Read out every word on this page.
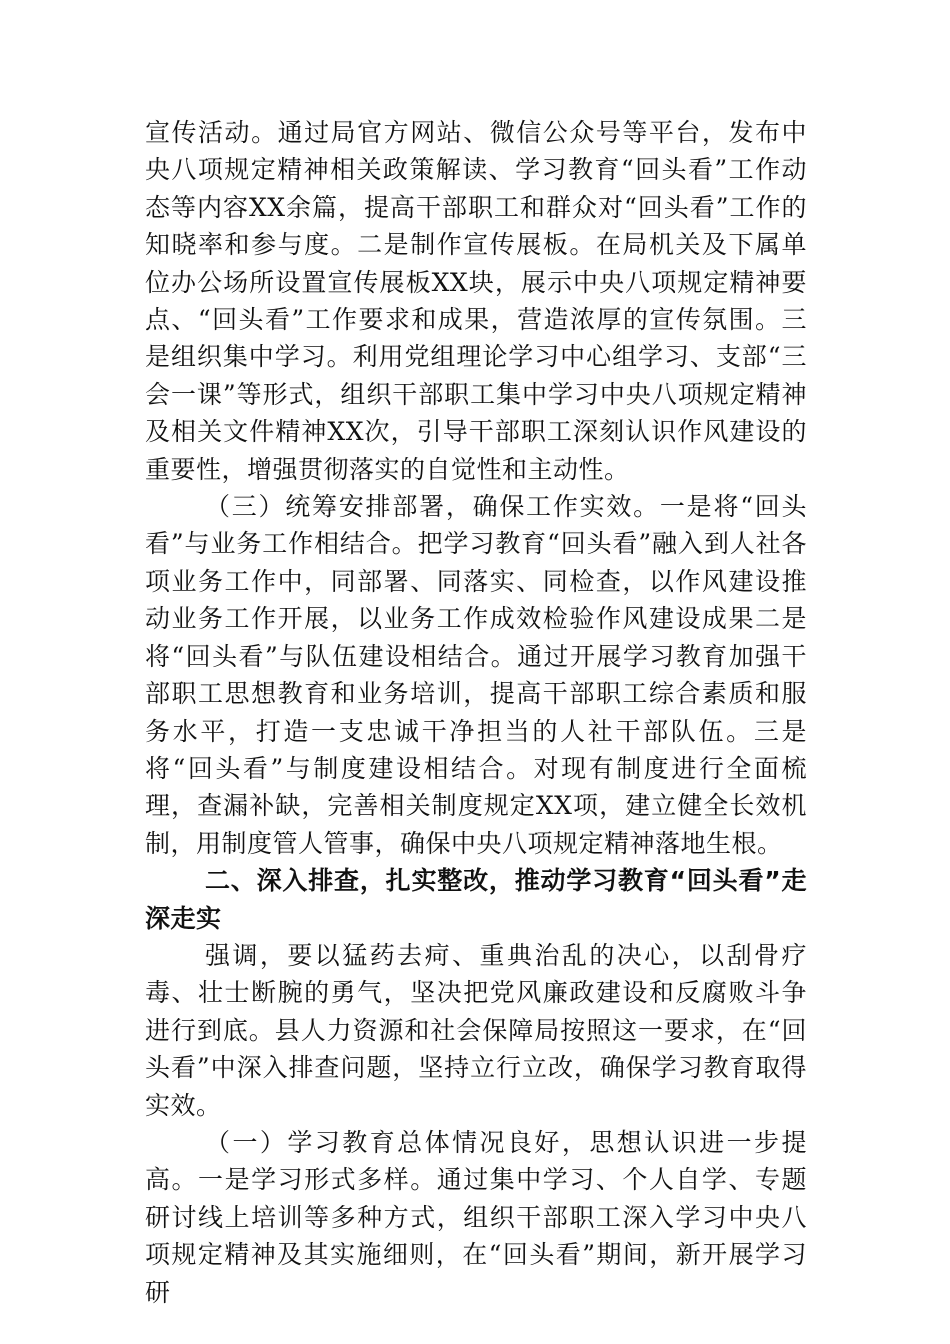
宣传活动。通过局官方网站、微信公众号等平台，发布中央八项规定精神相关政策解读、学习教育“回头看”工作动态等内容XX余篇，提高干部职工和群众对“回头看”工作的知晓率和参与度。二是制作宣传展板。在局机关及下属单位办公场所设置宣传展板XX块，展示中央八项规定精神要点、“回头看”工作要求和成果，营造浓厚的宣传氛围。三是组织集中学习。利用党组理论学习中心组学习、支部“三会一课”等形式，组织干部职工集中学习中央八项规定精神及相关文件精神XX次，引导干部职工深刻认识作风建设的重要性，增强贯彻落实的自觉性和主动性。

（三）统筹安排部署，确保工作实效。一是将“回头看”与业务工作相结合。把学习教育“回头看”融入到人社各项业务工作中，同部署、同落实、同检查，以作风建设推动业务工作开展，以业务工作成效检验作风建设成果二是将“回头看”与队伍建设相结合。通过开展学习教育加强干部职工思想教育和业务培训，提高干部职工综合素质和服务水平，打造一支忠诚干净担当的人社干部队伍。三是将“回头看”与制度建设相结合。对现有制度进行全面梳理，查漏补缺，完善相关制度规定XX项，建立健全长效机制，用制度管人管事，确保中央八项规定精神落地生根。

二、深入排查，扎实整改，推动学习教育“回头看”走深走实

强调，要以猛药去疴、重典治乱的决心，以刮骨疗毒、壮士断腕的勇气，坚决把党风廉政建设和反腐败斗争进行到底。县人力资源和社会保障局按照这一要求，在“回头看”中深入排查问题，坚持立行立改，确保学习教育取得实效。

（一）学习教育总体情况良好，思想认识进一步提高。一是学习形式多样。通过集中学习、个人自学、专题研讨线上培训等多种方式，组织干部职工深入学习中央八项规定精神及其实施细则，在“回头看”期间，新开展学习研
